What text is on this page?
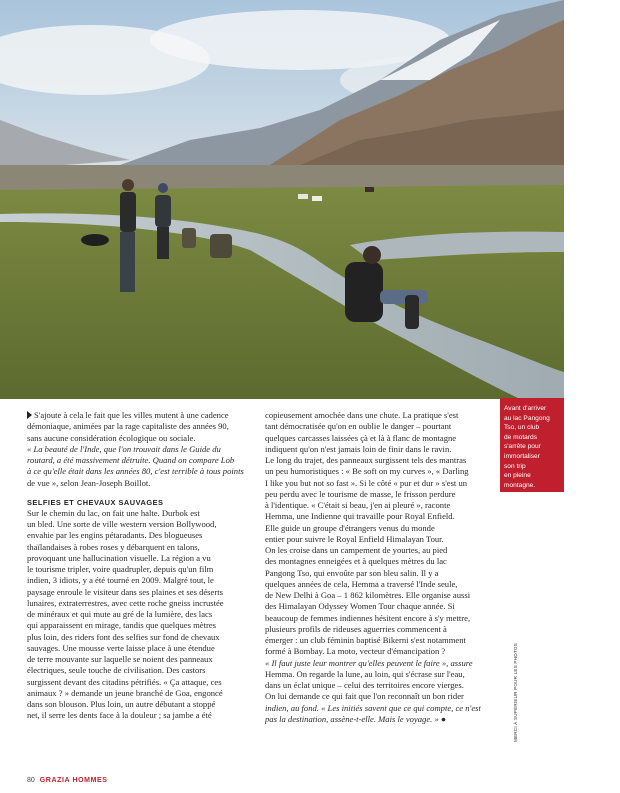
Avant d'arriver
au lac Pangong
Tso, un club
de motards
s'arrête pour
immortaliser
son trip
en pleine
montagne.
MERCI À SUPÉRIEUR POUR LES PHOTOS
S'ajoute à cela le fait que les villes mutent à une cadence
démoniaque, animées par la rage capitaliste des années 90,
sans aucune considération écologique ou sociale.
« La beauté de l'Inde, que l'on trouvait dans le Guide du
routard, a été massivement détruite. Quand on compare Lob
à ce qu'elle était dans les années 80, c'est terrible à tous points
de vue », selon Jean-Joseph Boillot.
SELFIES ET CHEVAUX SAUVAGES
Sur le chemin du lac, on fait une halte. Durbok est
un bled. Une sorte de ville western version Bollywood,
envahie par les engins pétaradants. Des blogueuses
thaïlandaises à robes roses y débarquent en talons,
provoquant une hallucination visuelle. La région a vu
le tourisme tripler, voire quadrupler, depuis qu'un film
indien, 3 idiots, y a été tourné en 2009. Malgré tout, le
paysage enroule le visiteur dans ses plaines et ses déserts
lunaires, extraterrestres, avec cette roche gneiss incrustée
de minéraux et qui mute au gré de la lumière, des lacs
qui apparaissent en mirage, tandis que quelques mètres
plus loin, des riders font des selfies sur fond de chevaux
sauvages. Une mousse verte laisse place à une étendue
de terre mouvante sur laquelle se noient des panneaux
électriques, seule touche de civilisation. Des castors
surgissent devant des citadins pétrifiés. « Ça attaque, ces
animaux ? » demande un jeune branché de Goa, engoncé
dans son blouson. Plus loin, un autre débutant a stoppé
net, il serre les dents face à la douleur ; sa jambe a été
copieusement amochée dans une chute. La pratique s'est
tant démocratisée qu'on en oublie le danger – pourtant
quelques carcasses laissées çà et là à flanc de montagne
indiquent qu'on n'est jamais loin de finir dans le ravin.
Le long du trajet, des panneaux surgissent tels des mantras
un peu humoristiques : « Be soft on my curves », « Darling
I like you but not so fast ». Si le côté « pur et dur » s'est un
peu perdu avec le tourisme de masse, le frisson perdure
à l'identique. « C'était si beau, j'en ai pleuré », raconte
Hemma, une Indienne qui travaille pour Royal Enfield.
Elle guide un groupe d'étrangers venus du monde
entier pour suivre le Royal Enfield Himalayan Tour.
On les croise dans un campement de yourtes, au pied
des montagnes enneigées et à quelques mètres du lac
Pangong Tso, qui envoûte par son bleu salin. Il y a
quelques années de cela, Hemma a traversé l'Inde seule,
de New Delhi à Goa – 1 862 kilomètres. Elle organise aussi
des Himalayan Odyssey Women Tour chaque année. Si
beaucoup de femmes indiennes hésitent encore à s'y mettre,
plusieurs profils de rideuses aguerries commencent à
émerger : un club féminin baptisé Bikerni s'est notamment
formé à Bombay. La moto, vecteur d'émancipation ?
« Il faut juste leur montrer qu'elles peuvent le faire », assure
Hemma. On regarde la lune, au loin, qui s'écrase sur l'eau,
dans un éclat unique – celui des territoires encore vierges.
On lui demande ce qui fait que l'on reconnaît un bon rider
indien, au fond. « Les initiés savent que ce qui compte, ce n'est
pas la destination, assène-t-elle. Mais le voyage. » ●
80 GRAZIA HOMMES
